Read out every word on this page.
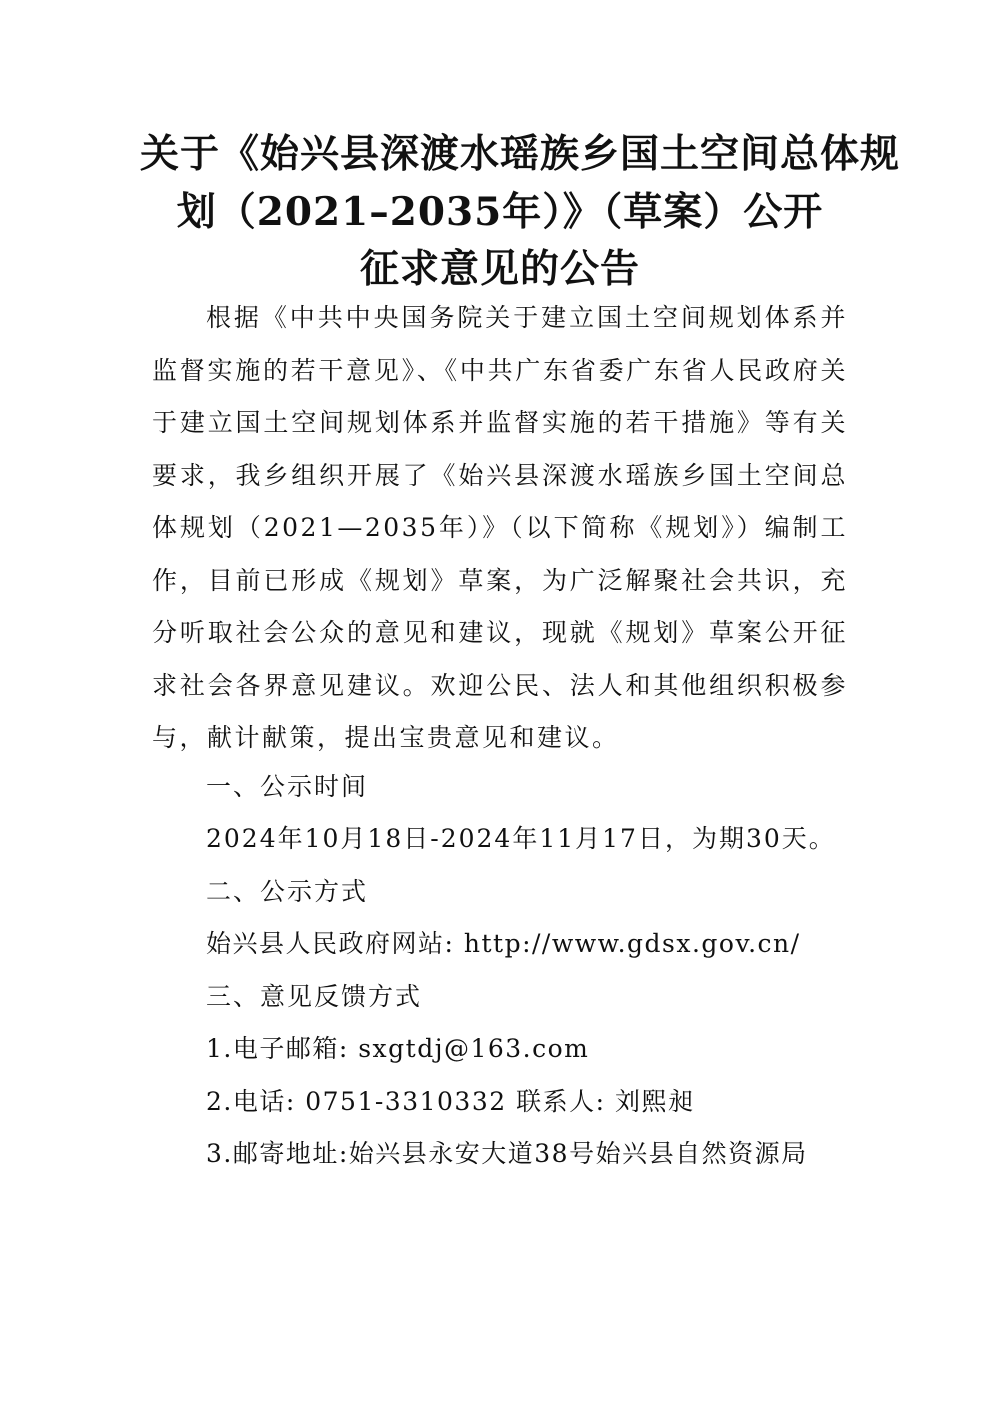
关于《始兴县深渡水瑶族乡国土空间总体规
划（2021–2035年）》（草案）公开
征求意见的公告

根据《中共中央国务院关于建立国土空间规划体系并监督实施的若干意见》、《中共广东省委广东省人民政府关于建立国土空间规划体系并监督实施的若干措施》等有关要求，我乡组织开展了《始兴县深渡水瑶族乡国土空间总体规划（2021—2035年）》（以下简称《规划》）编制工作，目前已形成《规划》草案，为广泛解聚社会共识，充分听取社会公众的意见和建议，现就《规划》草案公开征求社会各界意见建议。欢迎公民、法人和其他组织积极参与，献计献策，提出宝贵意见和建议。

一、公示时间

2024年10月18日-2024年11月17日，为期30天。

二、公示方式

始兴县人民政府网站: http://www.gdsx.gov.cn/

三、意见反馈方式

1.电子邮箱: sxgtdj@163.com

2.电话: 0751-3310332 联系人: 刘熙昶

3.邮寄地址:始兴县永安大道38号始兴县自然资源局
